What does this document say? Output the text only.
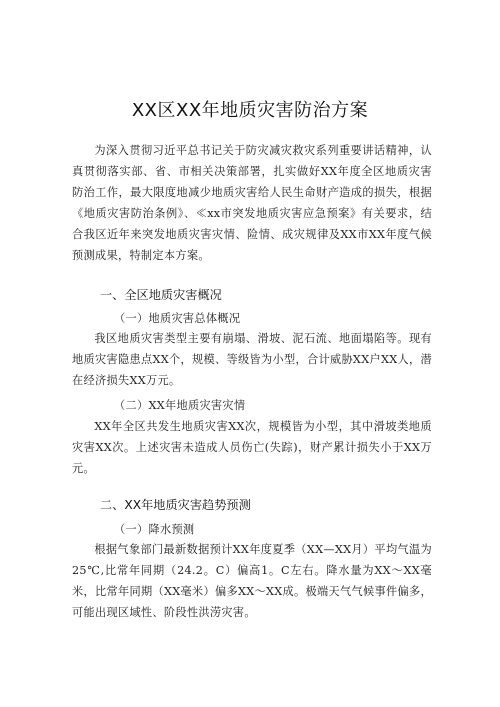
XX区XX年地质灾害防治方案

为深入贯彻习近平总书记关于防灾减灾救灾系列重要讲话精神，认真贯彻落实部、省、市相关决策部署，扎实做好XX年度全区地质灾害防治工作，最大限度地减少地质灾害给人民生命财产造成的损失，根据《地质灾害防治条例》、≪xx市突发地质灾害应急预案》有关要求，结合我区近年来突发地质灾害灾情、险情、成灾规律及XX市XX年度气候预测成果，特制定本方案。

一、全区地质灾害概况
（一）地质灾害总体概况

我区地质灾害类型主要有崩塌、滑坡、泥石流、地面塌陷等。现有地质灾害隐患点XX个，规模、等级皆为小型，合计威胁XX户XX人，潜在经济损失XX万元。

（二）XX年地质灾害灾情

XX年全区共发生地质灾害XX次，规模皆为小型，其中滑坡类地质灾害XX次。上述灾害未造成人员伤亡(失踪)，财产累计损失小于XX万元。

二、XX年地质灾害趋势预测
（一）降水预测

根据气象部门最新数据预计XX年度夏季（XX—XX月）平均气温为25℃,比常年同期（24.2。C）偏高1。C左右。降水量为XX～XX毫米，比常年同期（XX毫米）偏多XX～XX成。极端天气气候事件偏多，可能出现区域性、阶段性洪涝灾害。
